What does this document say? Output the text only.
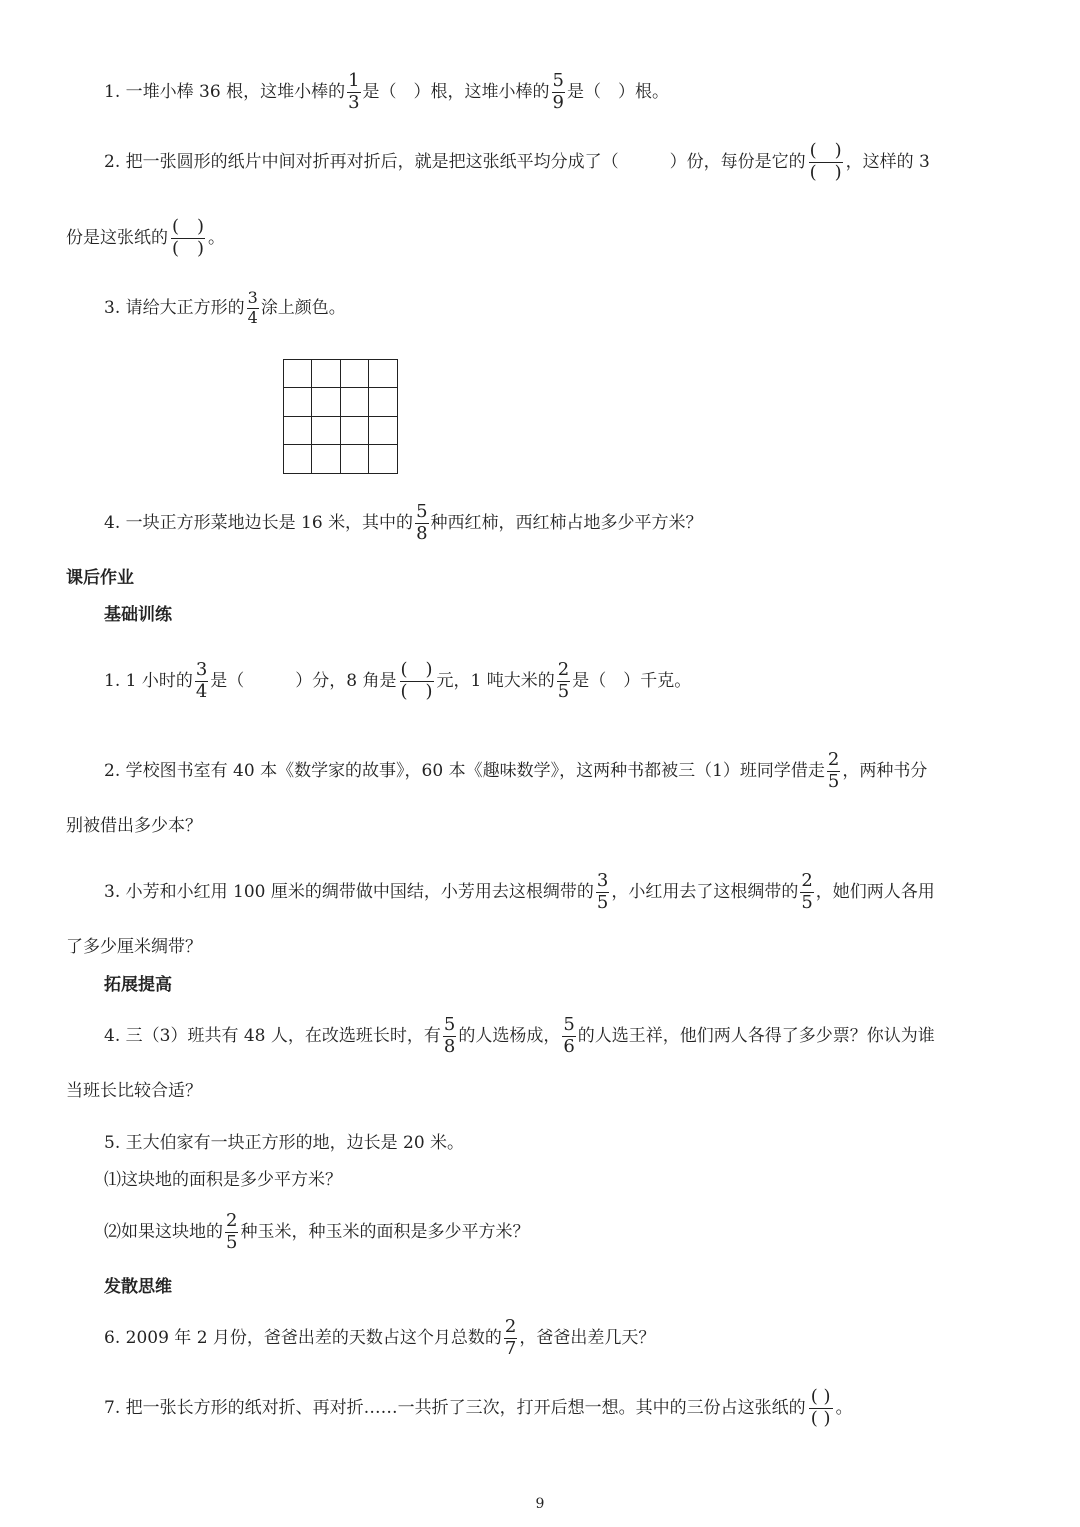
1. 一堆小棒 36 根，这堆小棒的 $\frac{1}{3}$ 是（　）根，这堆小棒的 $\frac{5}{9}$ 是（　）根。
2. 把一张圆形的纸片中间对折再对折后，就是把这张纸平均分成了（　　　）份，每份是它的
(　)
(　) ，这样的 3
份是这张纸的
(　)
(　) 。
3. 请给大正方形的 $\frac{3}{4}$ 涂上颜色。
4. 一块正方形菜地边长是 16 米，其中的 $\frac{5}{8}$ 种西红柿，西红柿占地多少平方米？
课后作业
基础训练
1. 1 小时的 $\frac{3}{4}$ 是（　　　）分，8 角是
(　)
(　) 元，1 吨大米的 $\frac{2}{5}$ 是（　）千克。
2. 学校图书室有 40 本《数学家的故事》，60 本《趣味数学》，这两种书都被三（1）班同学借走 $\frac{2}{5}$ ，两种书分
别被借出多少本？
3. 小芳和小红用 100 厘米的绸带做中国结，小芳用去这根绸带的 $\frac{3}{5}$ ，小红用去了这根绸带的 $\frac{2}{5}$ ，她们两人各用
了多少厘米绸带？
拓展提高
4. 三（3）班共有 48 人，在改选班长时，有 $\frac{5}{8}$ 的人选杨成， $\frac{5}{6}$ 的人选王祥，他们两人各得了多少票？你认为谁
当班长比较合适？
5. 王大伯家有一块正方形的地，边长是 20 米。
⑴这块地的面积是多少平方米？
⑵如果这块地的 $\frac{2}{5}$ 种玉米，种玉米的面积是多少平方米？
发散思维
6. 2009 年 2 月份，爸爸出差的天数占这个月总数的 $\frac{2}{7}$ ，爸爸出差几天？
7. 把一张长方形的纸对折、再对折……一共折了三次，打开后想一想。其中的三份占这张纸的
( )
( ) 。
9
